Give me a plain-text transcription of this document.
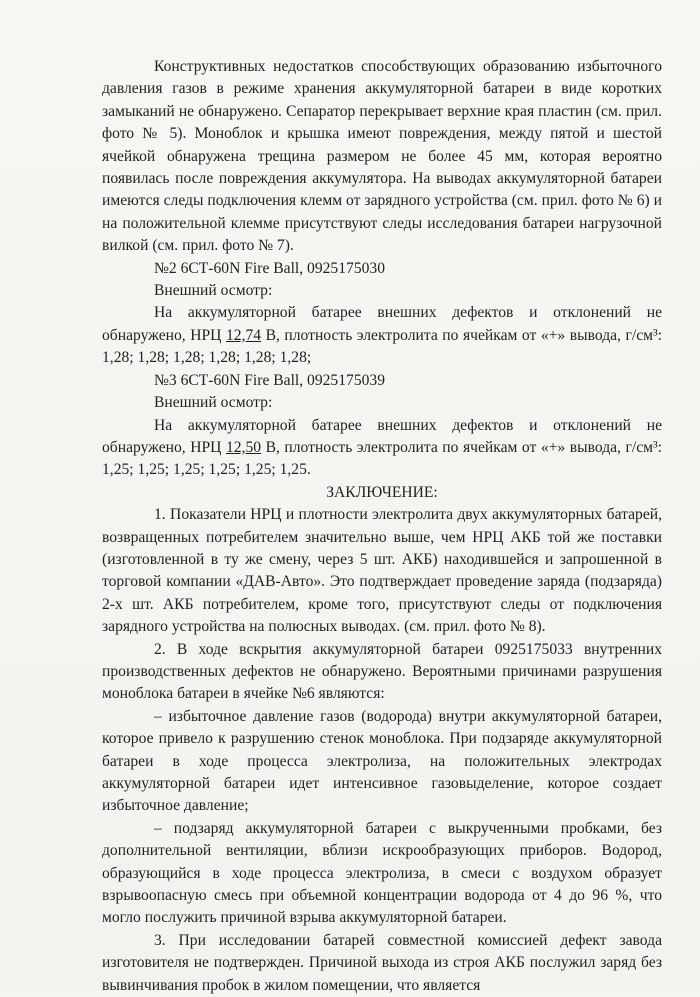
Конструктивных недостатков способствующих образованию избыточного давления газов в режиме хранения аккумуляторной батареи в виде коротких замыканий не обнаружено. Сепаратор перекрывает верхние края пластин (см. прил. фото № 5). Моноблок и крышка имеют повреждения, между пятой и шестой ячейкой обнаружена трещина размером не более 45 мм, которая вероятно появилась после повреждения аккумулятора. На выводах аккумуляторной батареи имеются следы подключения клемм от зарядного устройства (см. прил. фото № 6) и на положительной клемме присутствуют следы исследования батареи нагрузочной вилкой (см. прил. фото № 7).

№2 6СТ-60N Fire Ball, 0925175030

Внешний осмотр:

На аккумуляторной батарее внешних дефектов и отклонений не обнаружено, НРЦ 12,74 В, плотность электролита по ячейкам от «+» вывода, г/см³: 1,28; 1,28; 1,28; 1,28; 1,28; 1,28;

№3 6СТ-60N Fire Ball, 0925175039

Внешний осмотр:

На аккумуляторной батарее внешних дефектов и отклонений не обнаружено, НРЦ 12,50 В, плотность электролита по ячейкам от «+» вывода, г/см³: 1,25; 1,25; 1,25; 1,25; 1,25; 1,25.

ЗАКЛЮЧЕНИЕ:

1. Показатели НРЦ и плотности электролита двух аккумуляторных батарей, возвращенных потребителем значительно выше, чем НРЦ АКБ той же поставки (изготовленной в ту же смену, через 5 шт. АКБ) находившейся и запрошенной в торговой компании «ДАВ-Авто». Это подтверждает проведение заряда (подзаряда) 2-х шт. АКБ потребителем, кроме того, присутствуют следы от подключения зарядного устройства на полюсных выводах. (см. прил. фото № 8).

2. В ходе вскрытия аккумуляторной батареи 0925175033 внутренних производственных дефектов не обнаружено. Вероятными причинами разрушения моноблока батареи в ячейке №6 являются:

– избыточное давление газов (водорода) внутри аккумуляторной батареи, которое привело к разрушению стенок моноблока. При подзаряде аккумуляторной батареи в ходе процесса электролиза, на положительных электродах аккумуляторной батареи идет интенсивное газовыделение, которое создает избыточное давление;

– подзаряд аккумуляторной батареи с выкрученными пробками, без дополнительной вентиляции, вблизи искрообразующих приборов. Водород, образующийся в ходе процесса электролиза, в смеси с воздухом образует взрывоопасную смесь при объемной концентрации водорода от 4 до 96 %, что могло послужить причиной взрыва аккумуляторной батареи.

3. При исследовании батарей совместной комиссией дефект завода изготовителя не подтвержден. Причиной выхода из строя АКБ послужил заряд без вывинчивания пробок в жилом помещении, что является
